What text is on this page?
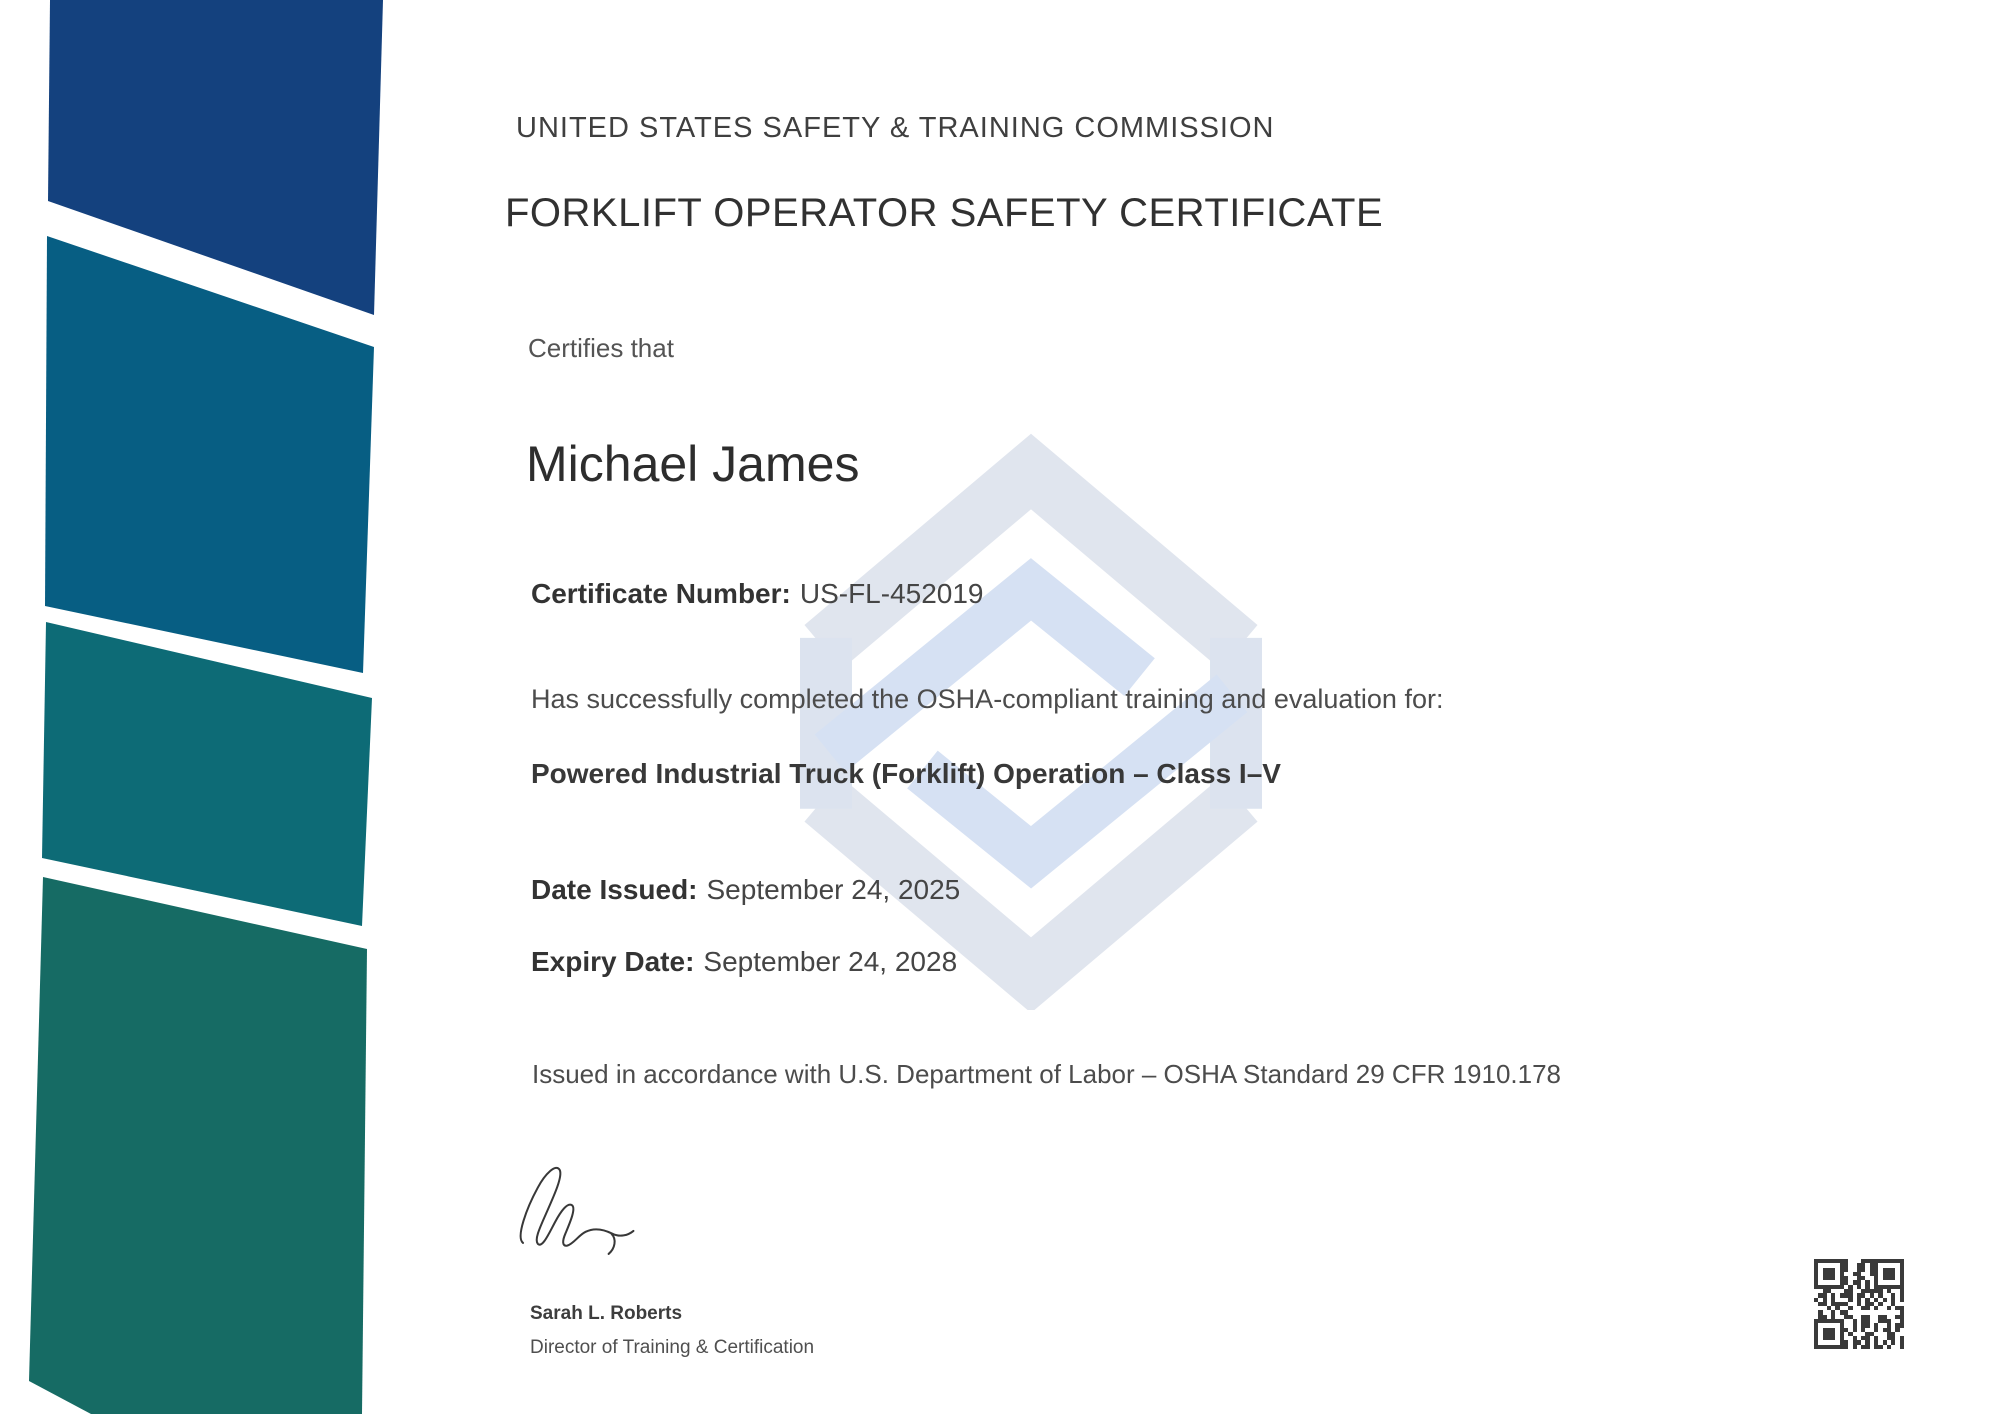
UNITED STATES SAFETY & TRAINING COMMISSION
FORKLIFT OPERATOR SAFETY CERTIFICATE
Certifies that
Michael James
Certificate Number: US-FL-452019
Has successfully completed the OSHA-compliant training and evaluation for:
Powered Industrial Truck (Forklift) Operation – Class I–V
Date Issued: September 24, 2025
Expiry Date: September 24, 2028
Issued in accordance with U.S. Department of Labor – OSHA Standard 29 CFR 1910.178
Sarah L. Roberts
Director of Training & Certification
